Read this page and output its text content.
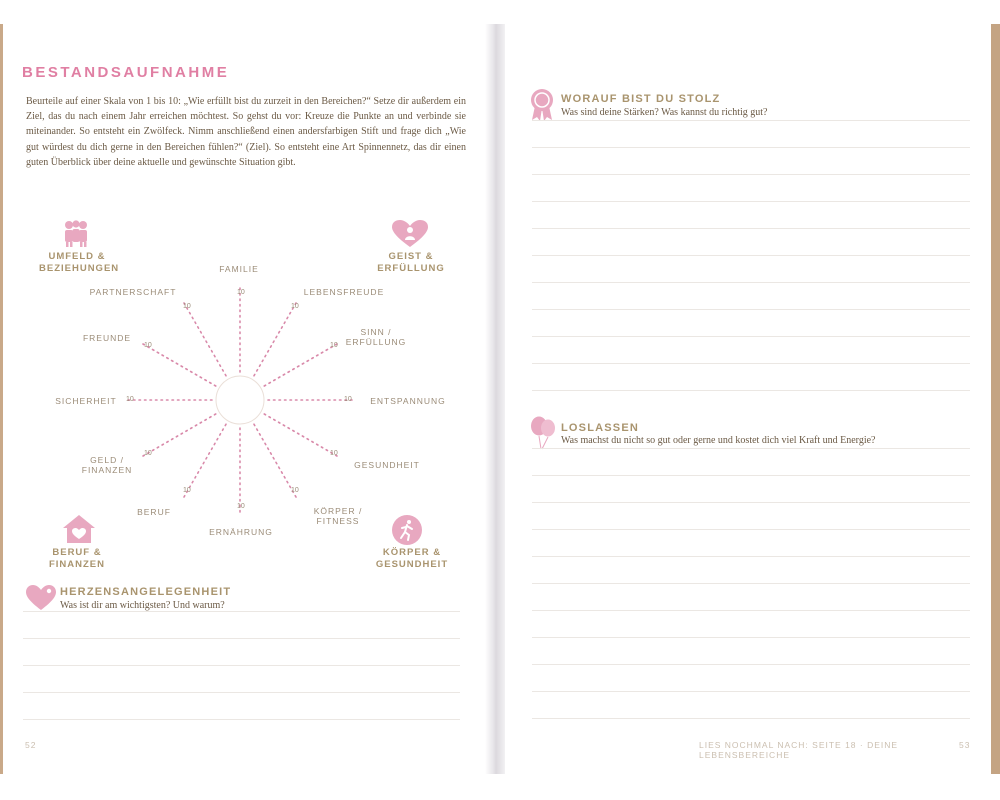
BESTANDSAUFNAHME

Beurteile auf einer Skala von 1 bis 10: „Wie erfüllt bist du zurzeit in den Bereichen?“ Setze dir außerdem ein Ziel, das du nach einem Jahr erreichen möchtest. So gehst du vor: Kreuze die Punkte an und verbinde sie miteinander. So entsteht ein Zwölfeck. Nimm anschließend einen andersfarbigen Stift und frage dich „Wie gut würdest du dich gerne in den Bereichen fühlen?“ (Ziel). So entsteht eine Art Spinnennetz, das dir einen guten Überblick über deine aktuelle und gewünschte Situation gibt.

UMFELD &
BEZIEHUNGEN
GEIST &
ERFÜLLUNG
BERUF &
FINANZEN
KÖRPER &
GESUNDHEIT
FAMILIE
LEBENSFREUDE
SINN /
ERFÜLLUNG
ENTSPANNUNG
GESUNDHEIT
KÖRPER /
FITNESS
ERNÄHRUNG
BERUF
GELD /
FINANZEN
SICHERHEIT
FREUNDE
PARTNERSCHAFT	10
10
10
10
10
10
10
10
10
10
10
10
HERZENSANGELEGENHEIT
Was ist dir am wichtigsten? Und warum?
52
WORAUF BIST DU STOLZ
Was sind deine Stärken? Was kannst du richtig gut?
LOSLASSEN
Was machst du nicht so gut oder gerne und kostet dich viel Kraft und Energie?
LIES NOCHMAL NACH: SEITE 18 · DEINE LEBENSBEREICHE
53
